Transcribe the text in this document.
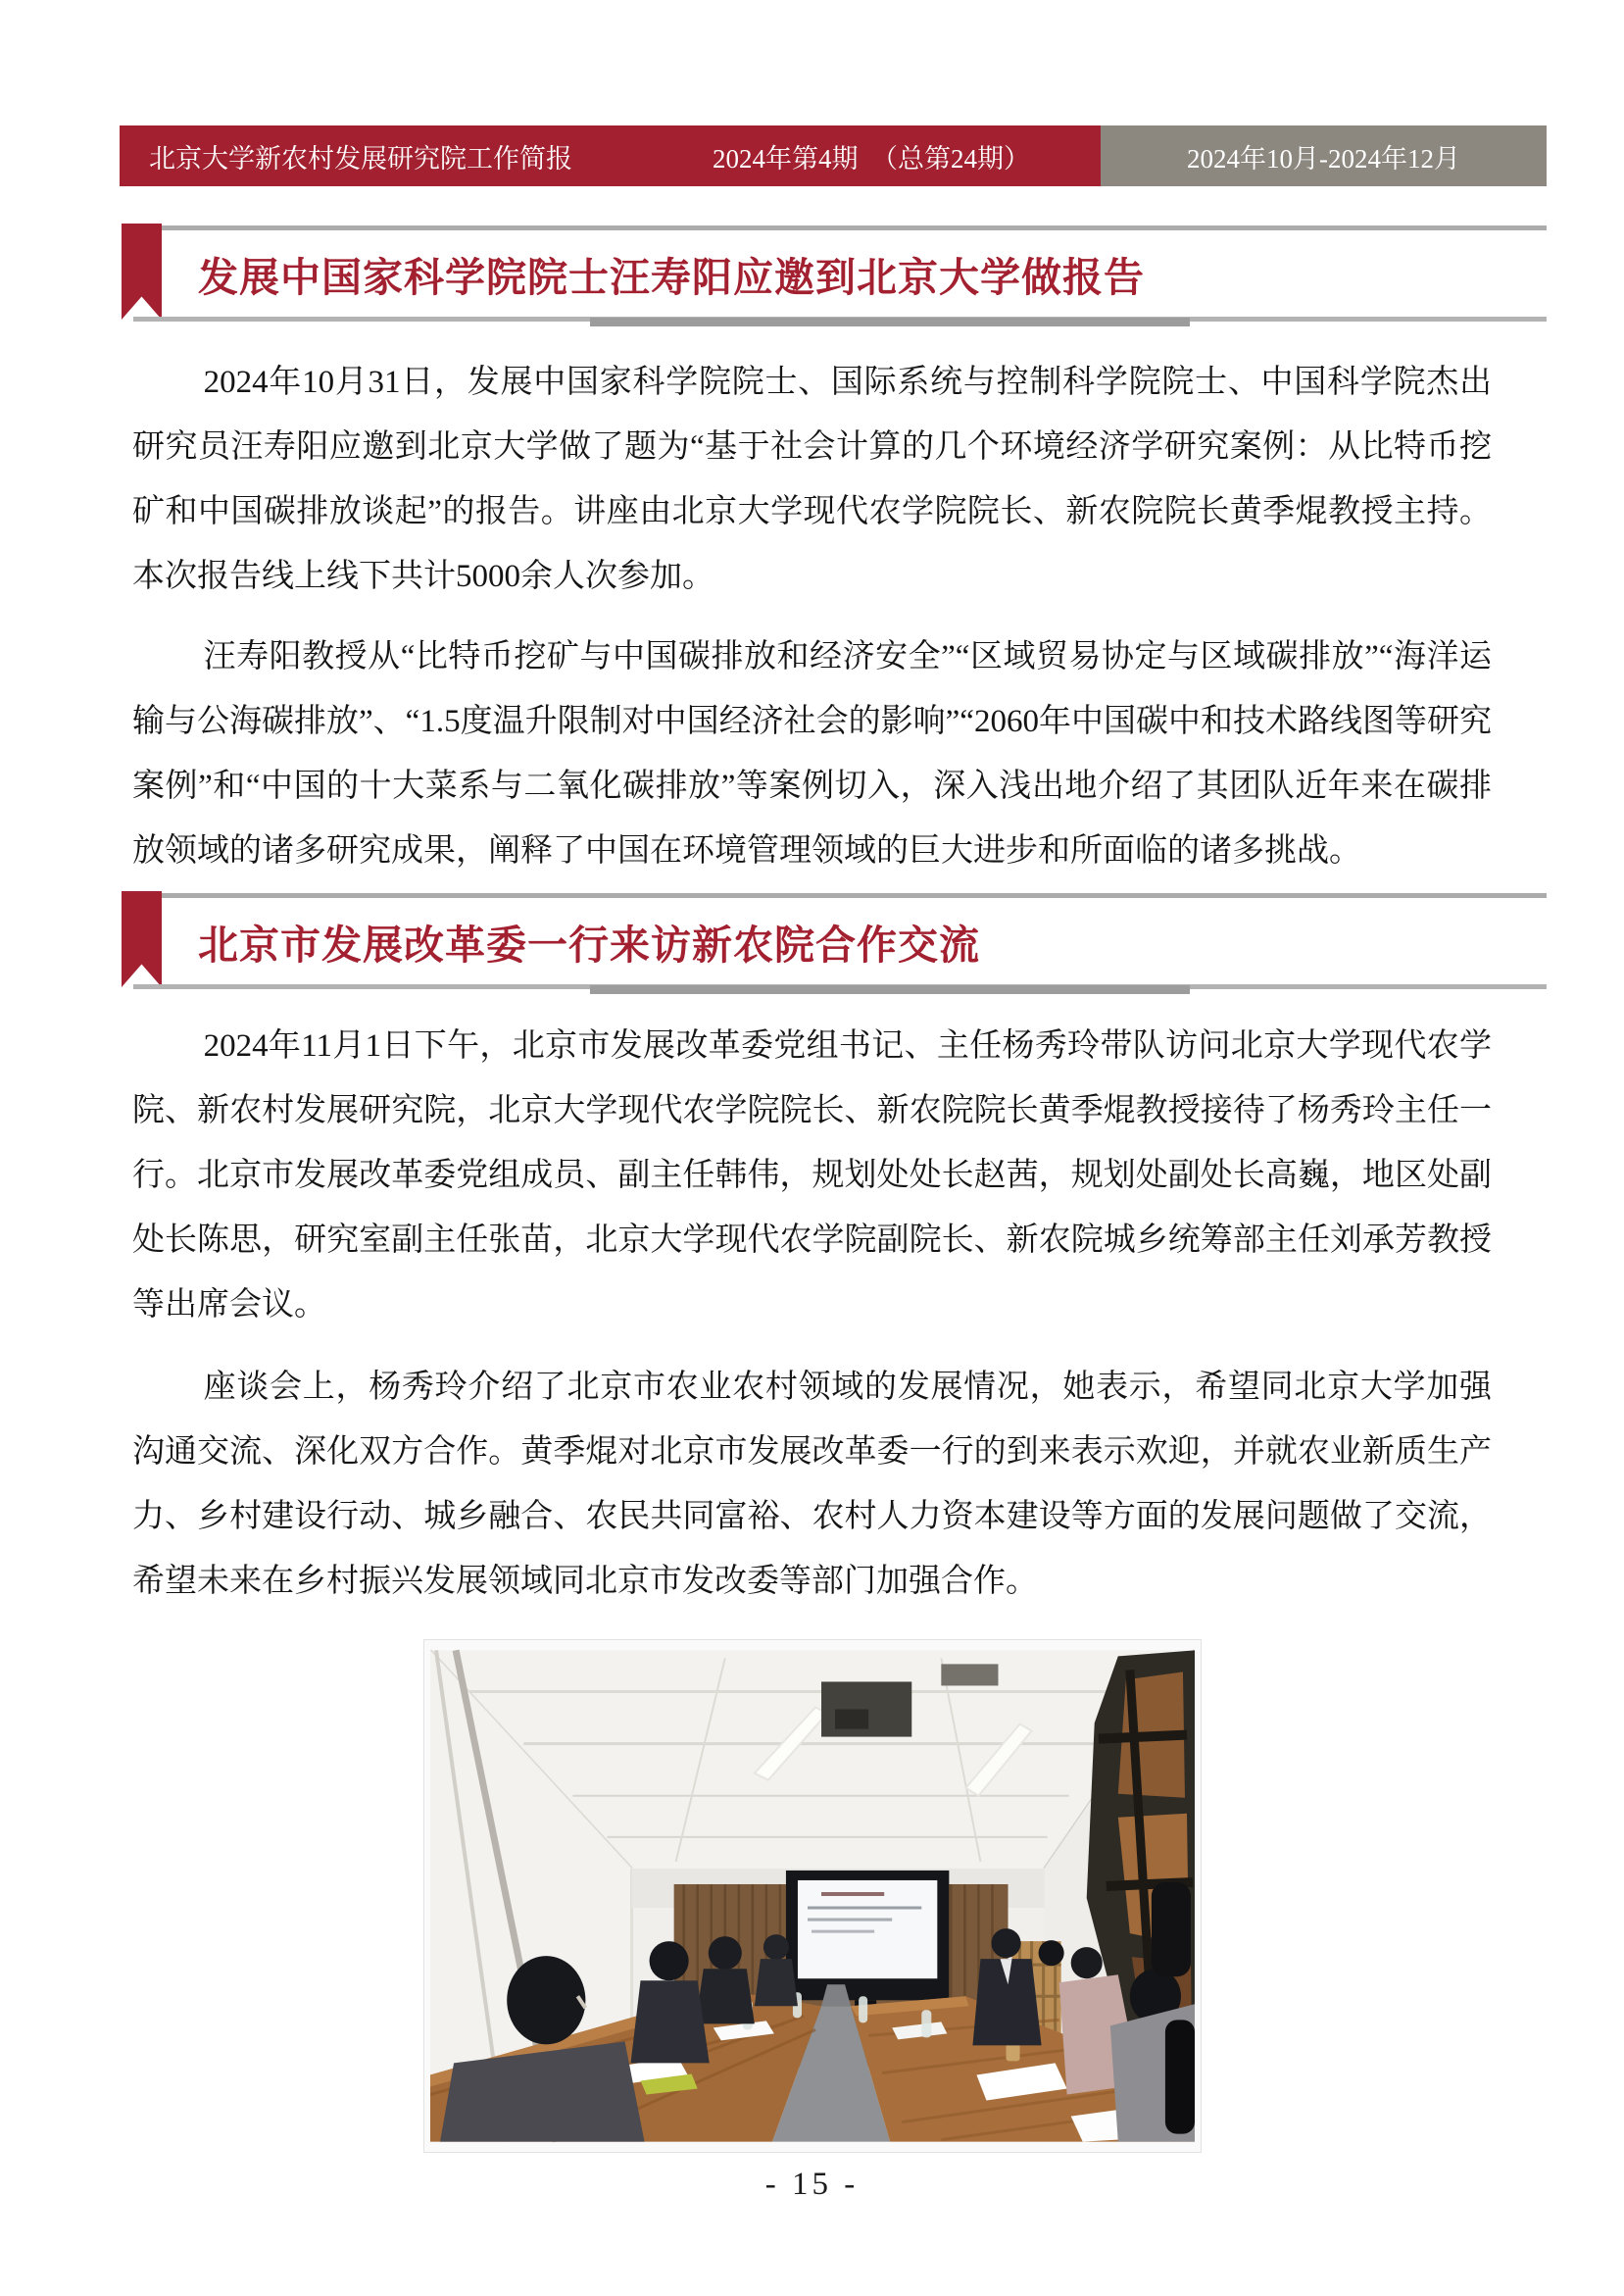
北京大学新农村发展研究院工作简报	2024年第4期　（总第24期）	2024年10月-2024年12月
发展中国家科学院院士汪寿阳应邀到北京大学做报告

2024年10月31日，发展中国家科学院院士、国际系统与控制科学院院士、中国科学院杰出研究员汪寿阳应邀到北京大学做了题为“基于社会计算的几个环境经济学研究案例：从比特币挖矿和中国碳排放谈起”的报告。讲座由北京大学现代农学院院长、新农院院长黄季焜教授主持。本次报告线上线下共计5000余人次参加。

汪寿阳教授从“比特币挖矿与中国碳排放和经济安全”“区域贸易协定与区域碳排放”“海洋运输与公海碳排放”、“1.5度温升限制对中国经济社会的影响”“2060年中国碳中和技术路线图等研究案例”和“中国的十大菜系与二氧化碳排放”等案例切入，深入浅出地介绍了其团队近年来在碳排放领域的诸多研究成果，阐释了中国在环境管理领域的巨大进步和所面临的诸多挑战。

北京市发展改革委一行来访新农院合作交流

2024年11月1日下午，北京市发展改革委党组书记、主任杨秀玲带队访问北京大学现代农学院、新农村发展研究院，北京大学现代农学院院长、新农院院长黄季焜教授接待了杨秀玲主任一行。北京市发展改革委党组成员、副主任韩伟，规划处处长赵茜，规划处副处长高巍，地区处副处长陈思，研究室副主任张苗，北京大学现代农学院副院长、新农院城乡统筹部主任刘承芳教授等出席会议。

座谈会上，杨秀玲介绍了北京市农业农村领域的发展情况，她表示，希望同北京大学加强沟通交流、深化双方合作。黄季焜对北京市发展改革委一行的到来表示欢迎，并就农业新质生产力、乡村建设行动、城乡融合、农民共同富裕、农村人力资本建设等方面的发展问题做了交流，希望未来在乡村振兴发展领域同北京市发改委等部门加强合作。

- 15 -
